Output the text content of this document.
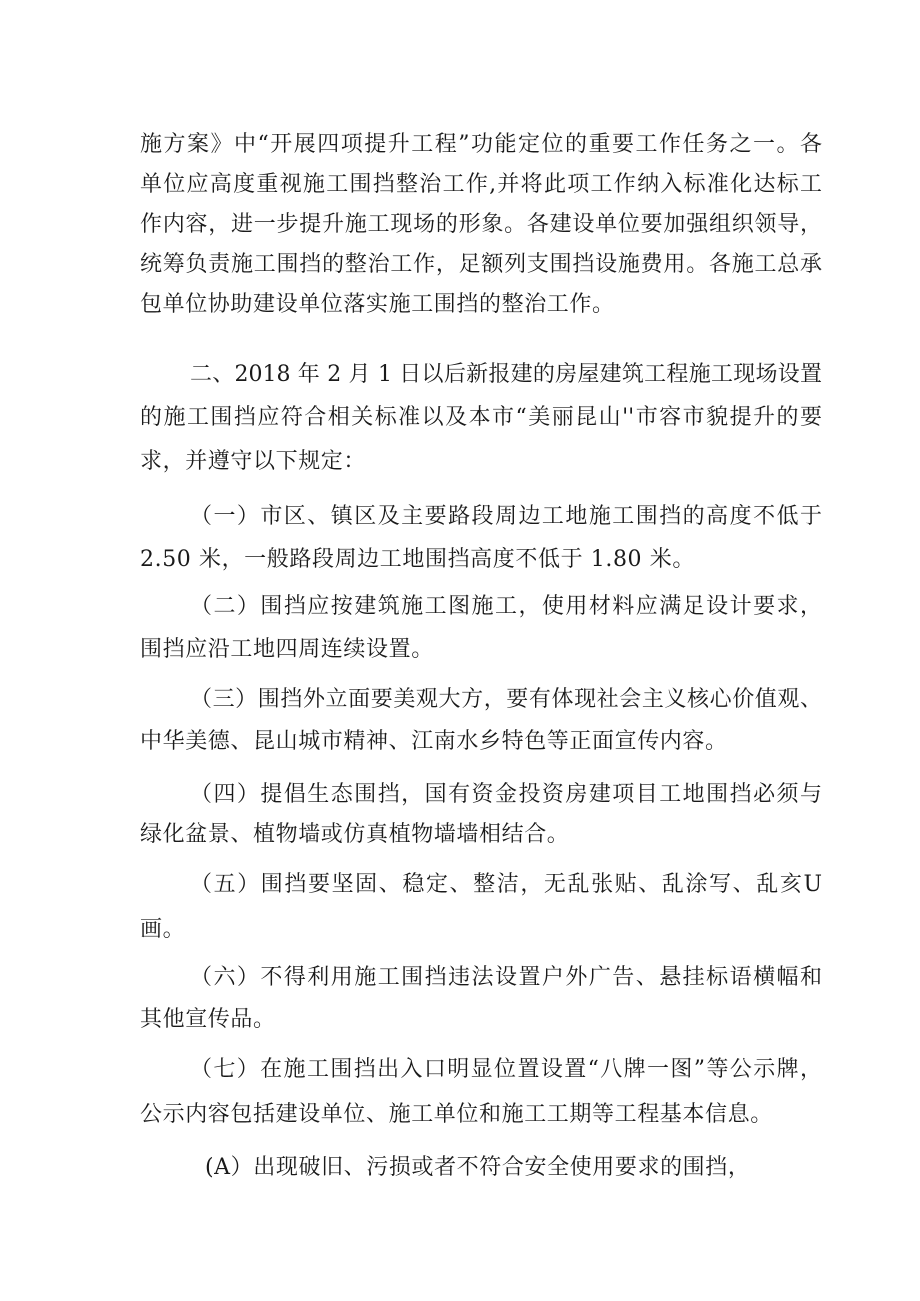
施方案》中“开展四项提升工程”功能定位的重要工作任务之一。各
单位应高度重视施工围挡整治工作,并将此项工作纳入标准化达标工
作内容，进一步提升施工现场的形象。各建设单位要加强组织领导，
统筹负责施工围挡的整治工作，足额列支围挡设施费用。各施工总承
包单位协助建设单位落实施工围挡的整治工作。
二、2018 年 2 月 1 日以后新报建的房屋建筑工程施工现场设置
的施工围挡应符合相关标准以及本市“美丽昆山''市容市貌提升的要
求，并遵守以下规定：
（一）市区、镇区及主要路段周边工地施工围挡的高度不低于
2.50 米，一般路段周边工地围挡高度不低于 1.80 米。
（二）围挡应按建筑施工图施工，使用材料应满足设计要求，
围挡应沿工地四周连续设置。
（三）围挡外立面要美观大方，要有体现社会主义核心价值观、
中华美德、昆山城市精神、江南水乡特色等正面宣传内容。
（四）提倡生态围挡，国有资金投资房建项目工地围挡必须与
绿化盆景、植物墙或仿真植物墙墙相结合。
（五）围挡要坚固、稳定、整洁，无乱张贴、乱涂写、乱亥U
画。
（六）不得利用施工围挡违法设置户外广告、悬挂标语横幅和
其他宣传品。
（七）在施工围挡出入口明显位置设置“八牌一图”等公示牌，
公示内容包括建设单位、施工单位和施工工期等工程基本信息。
(A）出现破旧、污损或者不符合安全使用要求的围挡，
